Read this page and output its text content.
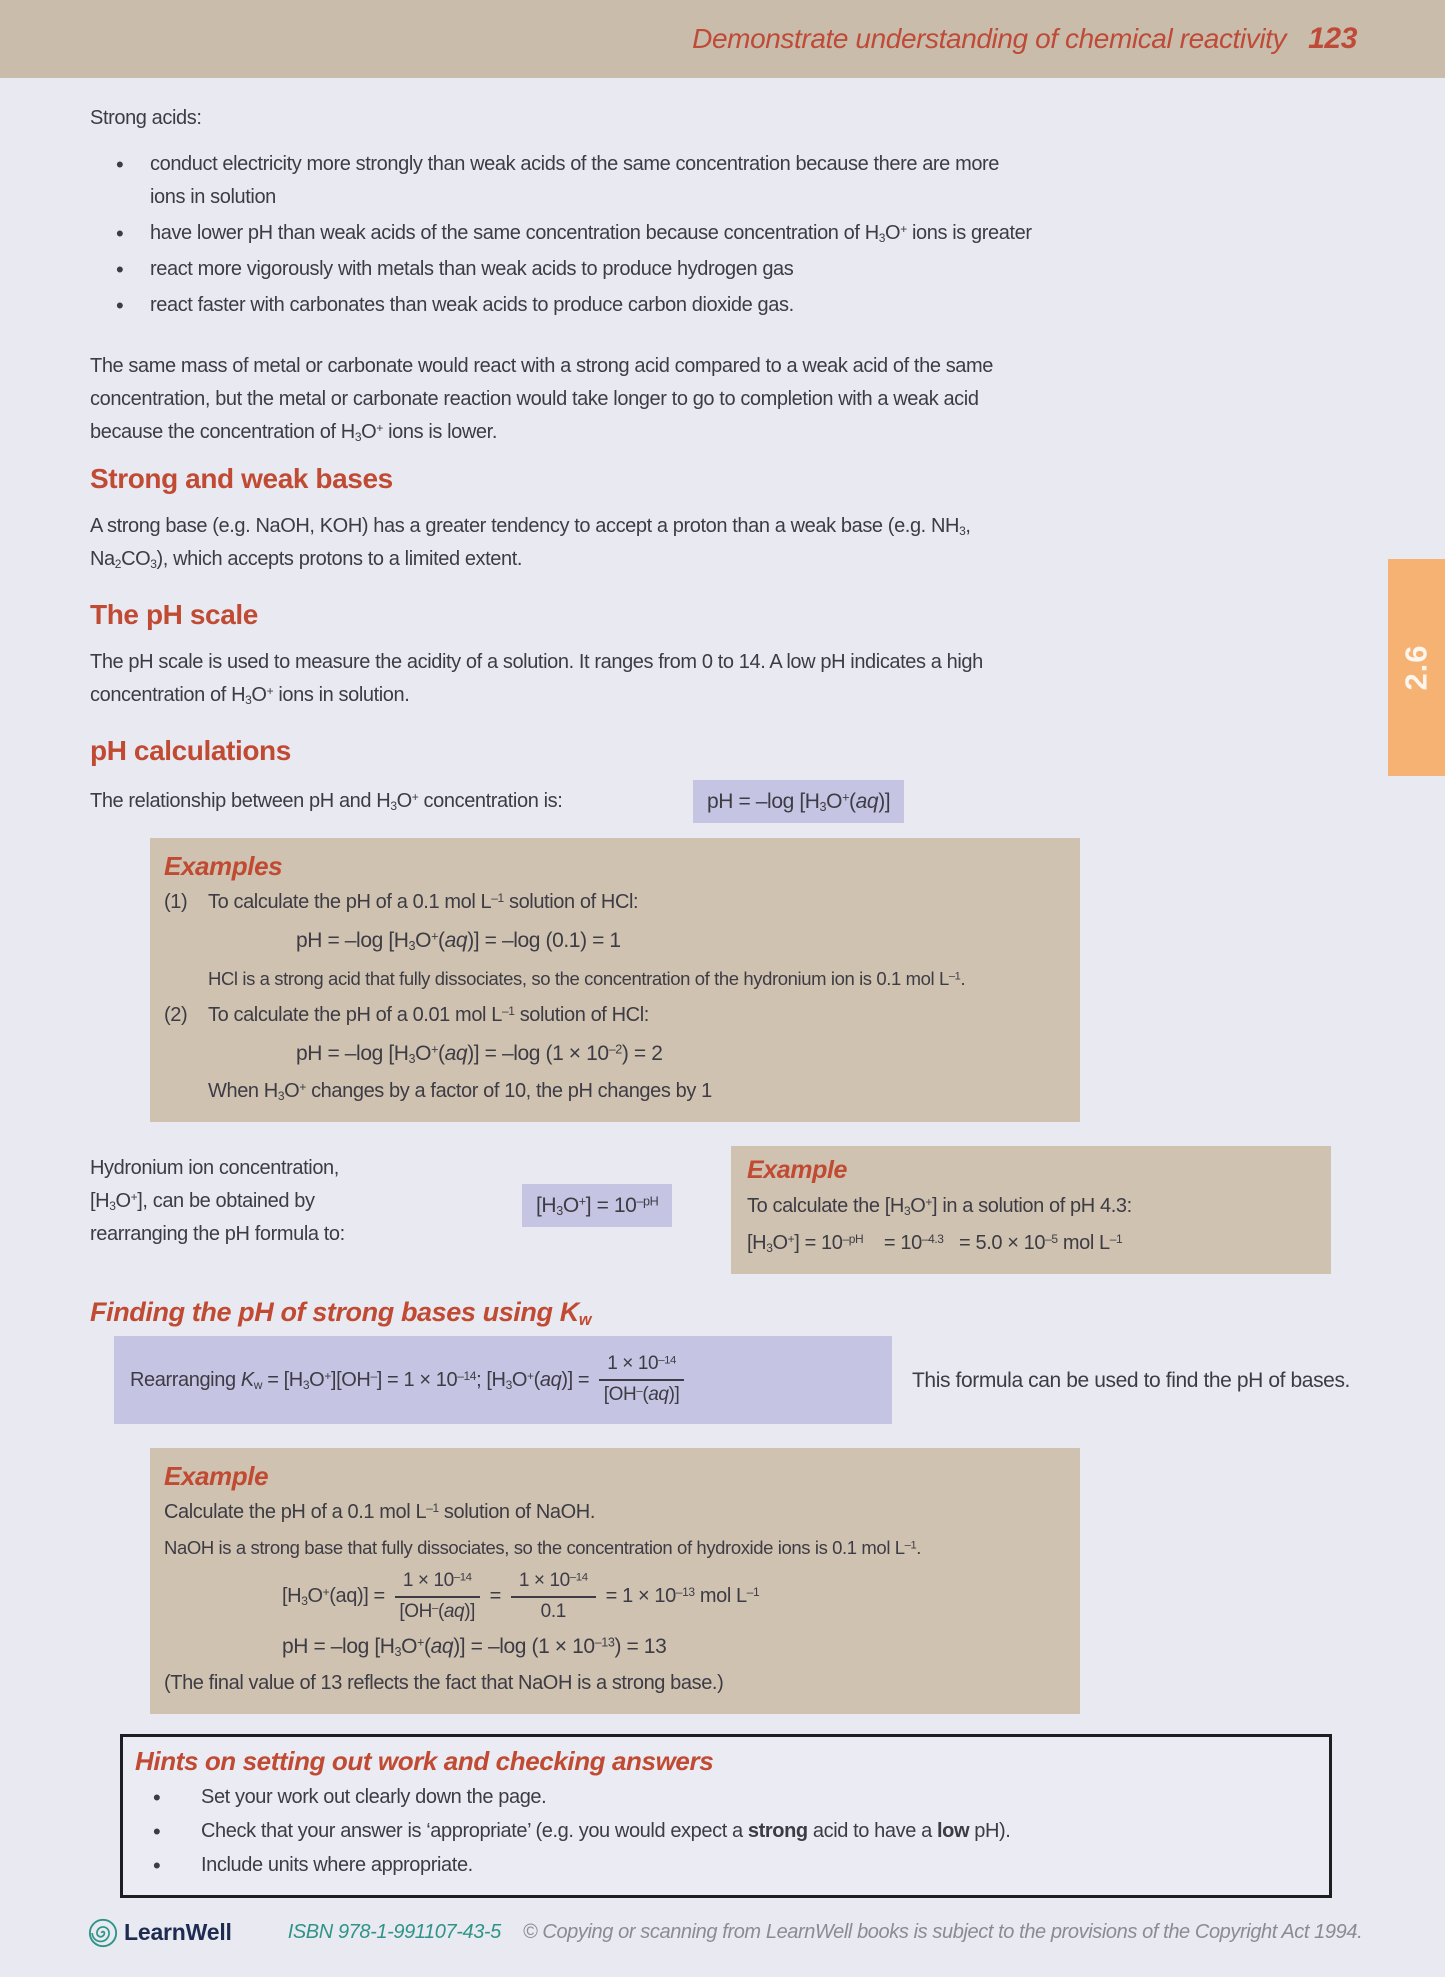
Demonstrate understanding of chemical reactivity 123
2.6
Strong acids:
• conduct electricity more strongly than weak acids of the same concentration because there are more
ions in solution
• have lower pH than weak acids of the same concentration because concentration of $H_3O^+$ ions is greater
• react more vigorously with metals than weak acids to produce hydrogen gas
• react faster with carbonates than weak acids to produce carbon dioxide gas.
The same mass of metal or carbonate would react with a strong acid compared to a weak acid of the same
concentration, but the metal or carbonate reaction would take longer to go to completion with a weak acid
because the concentration of $H_3O^+$ ions is lower.
Strong and weak bases
A strong base (e.g. NaOH, KOH) has a greater tendency to accept a proton than a weak base (e.g. $NH_3$,
$Na_2CO_3$), which accepts protons to a limited extent.
The pH scale
The pH scale is used to measure the acidity of a solution. It ranges from 0 to 14. A low pH indicates a high
concentration of $H_3O^+$ ions in solution.
pH calculations
The relationship between pH and $H_3O^+$ concentration is:	pH = –log $[H_3O^+(aq)]$
Examples
(1)	To calculate the pH of a 0.1 mol $L^{-1}$ solution of HCl:
pH = –log $[H_3O^+(aq)] = -\log$ (0.1) = 1
HCl is a strong acid that fully dissociates, so the concentration of the hydronium ion is 0.1 mol $L^{-1}$.
(2)	To calculate the pH of a 0.01 mol $L^{-1}$ solution of HCl:
pH = –log $[H_3O^+(aq)] = -\log$ $(1 \times 10^{-2}) = 2$
When $H_3O^+$ changes by a factor of 10, the pH changes by 1
Hydronium ion concentration,
$[H_3O^+]$, can be obtained by
rearranging the pH formula to:
$[H_3O^+] = 10^{-pH}$
Example
To calculate the $[H_3O^+]$ in a solution of pH 4.3:
$[H_3O^+] = 10^{-pH}$    = $10^{-4.3} = 5.0 \times 10^{-5}$ mol $L^{-1}$
Finding the pH of strong bases using $K_w$
Rearranging $K_w = [H_3O^+][OH^-] = 1 \times 10^{-14}$; $[H_3O^+(aq)] = \frac{1 \times 10^{-14}}{[OH^-(aq)]}$	This formula can be used to find the pH of bases.
Example
Calculate the pH of a 0.1 mol $L^{-1}$ solution of NaOH.
NaOH is a strong base that fully dissociates, so the concentration of hydroxide ions is 0.1 mol $L^{-1}$.
$[H_3O^+(aq)] = \frac{1 \times 10^{-14}}{[OH^-(aq)]} = \frac{1 \times 10^{-14}}{0.1} = 1 \times 10^{-13}$ mol $L^{-1}$
pH = –log $[H_3O^+(aq)] = -\log$ $(1 \times 10^{-13}) = 13$
(The final value of 13 reflects the fact that NaOH is a strong base.)
Hints on setting out work and checking answers
• Set your work out clearly down the page.
• Check that your answer is ‘appropriate’ (e.g. you would expect a strong acid to have a low pH).
• Include units where appropriate.
LearnWell	ISBN 978-1-991107-43-5 © Copying or scanning from LearnWell books is subject to the provisions of the Copyright Act 1994.
